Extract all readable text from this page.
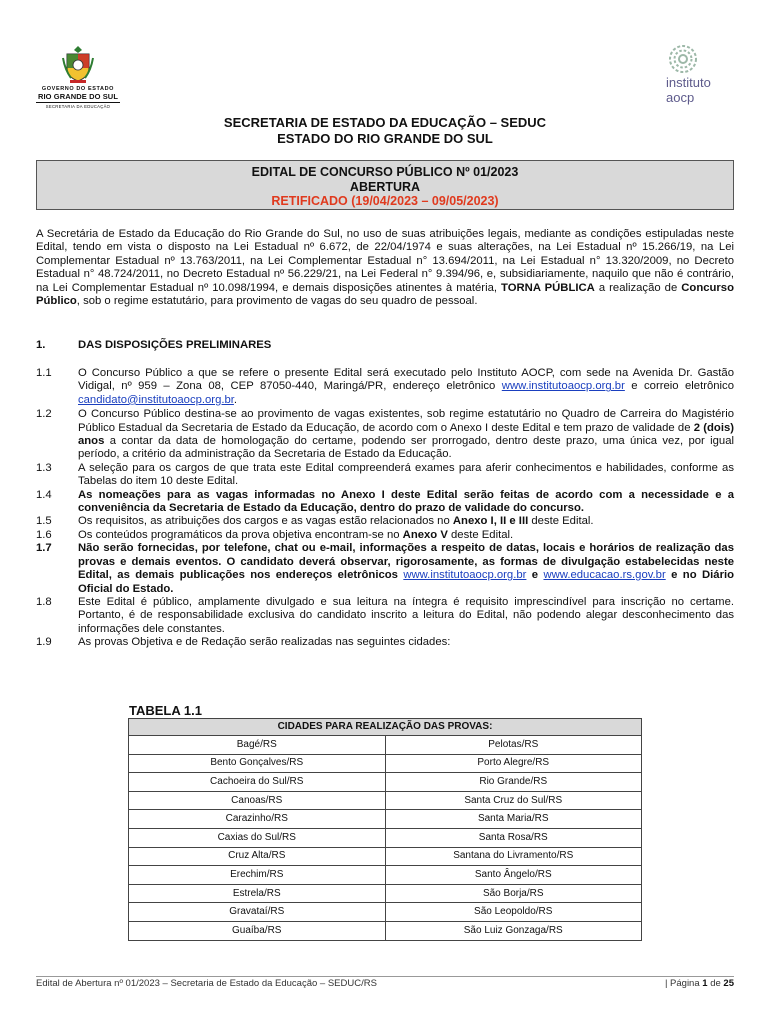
GOVERNO DO ESTADO
RIO GRANDE DO SUL
SECRETARIA DA EDUCAÇÃO
instituto
aocp
SECRETARIA DE ESTADO DA EDUCAÇÃO – SEDUC
ESTADO DO RIO GRANDE DO SUL
EDITAL DE CONCURSO PÚBLICO Nº 01/2023
ABERTURA
RETIFICADO (19/04/2023 – 09/05/2023)
A Secretária de Estado da Educação do Rio Grande do Sul, no uso de suas atribuições legais, mediante as condições estipuladas neste Edital, tendo em vista o disposto na Lei Estadual nº 6.672, de 22/04/1974 e suas alterações, na Lei Estadual nº 15.266/19, na Lei Complementar Estadual nº 13.763/2011, na Lei Complementar Estadual n° 13.694/2011, na Lei Estadual n° 13.320/2009, no Decreto Estadual n° 48.724/2011, no Decreto Estadual nº 56.229/21, na Lei Federal n° 9.394/96, e, subsidiariamente, naquilo que não é contrário, na Lei Complementar Estadual nº 10.098/1994, e demais disposições atinentes à matéria, TORNA PÚBLICA a realização de Concurso Público, sob o regime estatutário, para provimento de vagas do seu quadro de pessoal.
1.	DAS DISPOSIÇÕES PRELIMINARES
1.1 O Concurso Público a que se refere o presente Edital será executado pelo Instituto AOCP, com sede na Avenida Dr. Gastão Vidigal, nº 959 – Zona 08, CEP 87050-440, Maringá/PR, endereço eletrônico www.institutoaocp.org.br e correio eletrônico candidato@institutoaocp.org.br.
1.2 O Concurso Público destina-se ao provimento de vagas existentes, sob regime estatutário no Quadro de Carreira do Magistério Público Estadual da Secretaria de Estado da Educação, de acordo com o Anexo I deste Edital e tem prazo de validade de 2 (dois) anos a contar da data de homologação do certame, podendo ser prorrogado, dentro deste prazo, uma única vez, por igual período, a critério da administração da Secretaria de Estado da Educação.
1.3 A seleção para os cargos de que trata este Edital compreenderá exames para aferir conhecimentos e habilidades, conforme as Tabelas do item 10 deste Edital.
1.4 As nomeações para as vagas informadas no Anexo I deste Edital serão feitas de acordo com a necessidade e a conveniência da Secretaria de Estado da Educação, dentro do prazo de validade do concurso.
1.5 Os requisitos, as atribuições dos cargos e as vagas estão relacionados no Anexo I, II e III deste Edital.
1.6 Os conteúdos programáticos da prova objetiva encontram-se no Anexo V deste Edital.
1.7 Não serão fornecidas, por telefone, chat ou e-mail, informações a respeito de datas, locais e horários de realização das provas e demais eventos. O candidato deverá observar, rigorosamente, as formas de divulgação estabelecidas neste Edital, as demais publicações nos endereços eletrônicos www.institutoaocp.org.br e www.educacao.rs.gov.br e no Diário Oficial do Estado.
1.8 Este Edital é público, amplamente divulgado e sua leitura na íntegra é requisito imprescindível para inscrição no certame. Portanto, é de responsabilidade exclusiva do candidato inscrito a leitura do Edital, não podendo alegar desconhecimento das informações dele constantes.
1.9 As provas Objetiva e de Redação serão realizadas nas seguintes cidades:
TABELA 1.1
CIDADES PARA REALIZAÇÃO DAS PROVAS:	
Bagé/RS	Pelotas/RS
Bento Gonçalves/RS	Porto Alegre/RS
Cachoeira do Sul/RS	Rio Grande/RS
Canoas/RS	Santa Cruz do Sul/RS
Carazinho/RS	Santa Maria/RS
Caxias do Sul/RS	Santa Rosa/RS
Cruz Alta/RS	Santana do Livramento/RS
Erechim/RS	Santo Ângelo/RS
Estrela/RS	São Borja/RS
Gravataí/RS	São Leopoldo/RS
Guaíba/RS	São Luiz Gonzaga/RS
Edital de Abertura nº 01/2023 – Secretaria de Estado da Educação – SEDUC/RS	| Página 1 de 25
